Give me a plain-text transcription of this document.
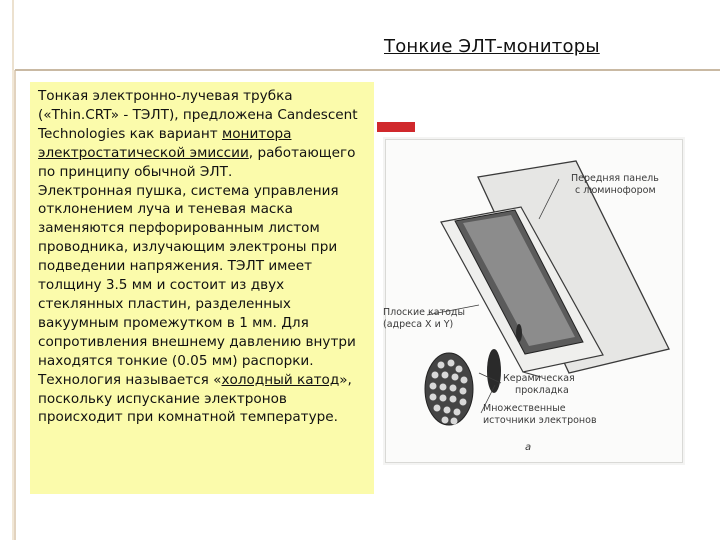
Тонкие ЭЛТ-мониторы

Тонкая электронно-лучевая трубка («Thin.CRT» - ТЭЛТ), предложена Candescent Technologies как вариант монитора электростатической эмиссии, работающего по принципу обычной ЭЛТ.

Электронная пушка, система управления отклонением луча и теневая маска заменяются перфорированным листом проводника, излучающим электроны при подведении напряжения. ТЭЛТ имеет толщину 3.5 мм и состоит из двух стеклянных пластин, разделенных вакуумным промежутком в 1 мм. Для сопротивления внешнему давлению внутри находятся тонкие (0.05 мм) распорки. Технология называется «холодный катод», поскольку испускание электронов происходит при комнатной температуре.

Передняя панель
с люминофором
Плоские катоды
(адреса X и Y)
Керамическая
прокладка
Множественные
источники электронов
а
